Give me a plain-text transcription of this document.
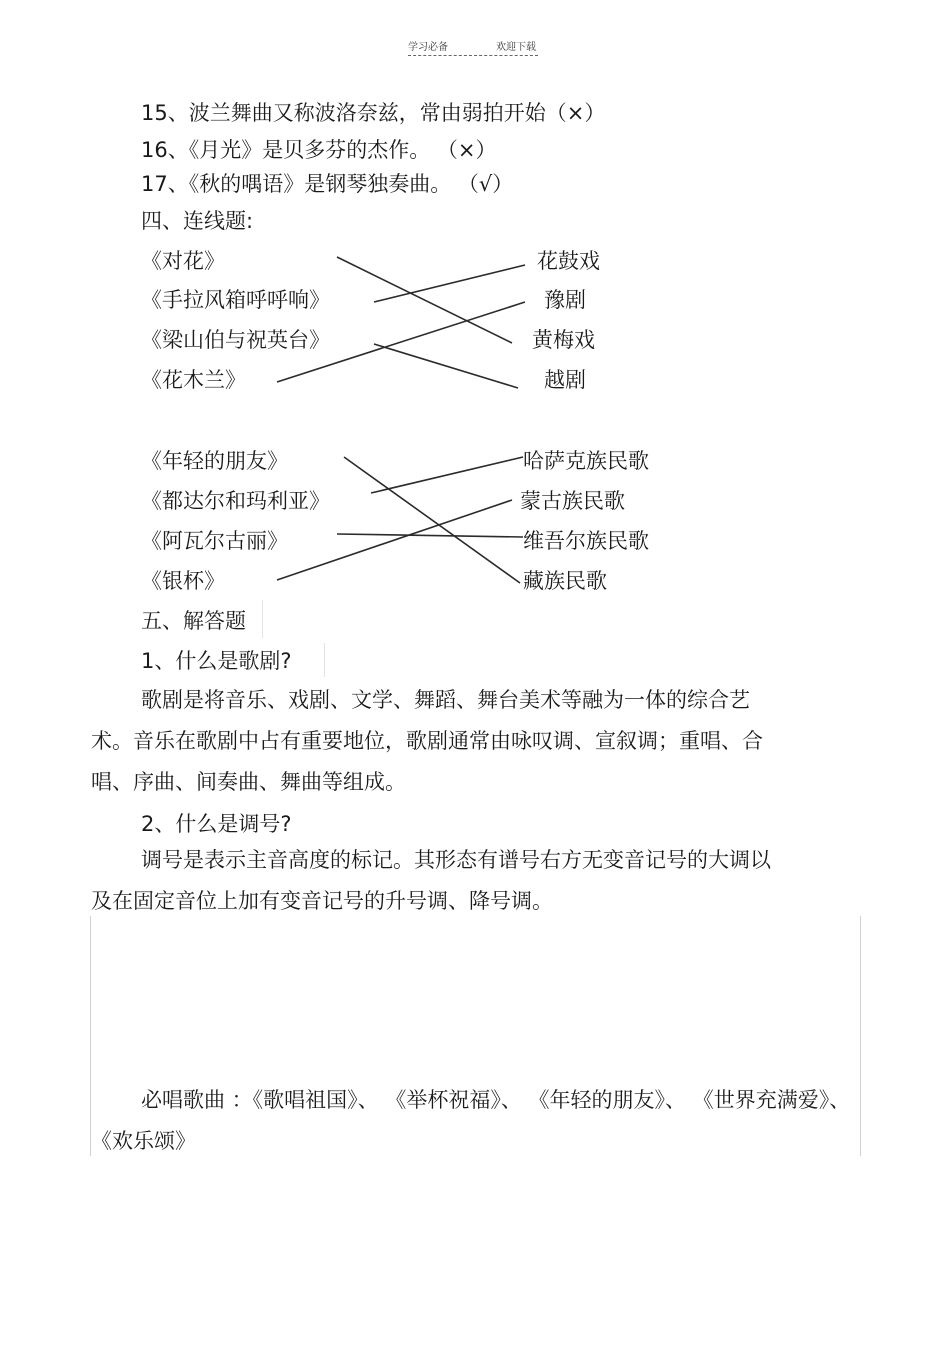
学习必备	欢迎下载
15、波兰舞曲又称波洛奈兹，常由弱拍开始（×）
16、《月光》是贝多芬的杰作。 （×）
17、《秋的喁语》是钢琴独奏曲。 （√）
四、连线题:
《对花》
《手拉风箱呼呼响》
《梁山伯与祝英台》
《花木兰》
花鼓戏
豫剧
黄梅戏
越剧
《年轻的朋友》
《都达尔和玛利亚》
《阿瓦尔古丽》
《银杯》
哈萨克族民歌
蒙古族民歌
维吾尔族民歌
藏族民歌
五、解答题
1、什么是歌剧?
歌剧是将音乐、戏剧、文学、舞蹈、舞台美术等融为一体的综合艺术。音乐在歌剧中占有重要地位，歌剧通常由咏叹调、宣叙调；重唱、合唱、序曲、间奏曲、舞曲等组成。
2、什么是调号?
调号是表示主音高度的标记。其形态有谱号右方无变音记号的大调以及在固定音位上加有变音记号的升号调、降号调。
必唱歌曲 ：《歌唱祖国》、 《举杯祝福》、 《年轻的朋友》、 《世界充满爱》、《欢乐颂》
